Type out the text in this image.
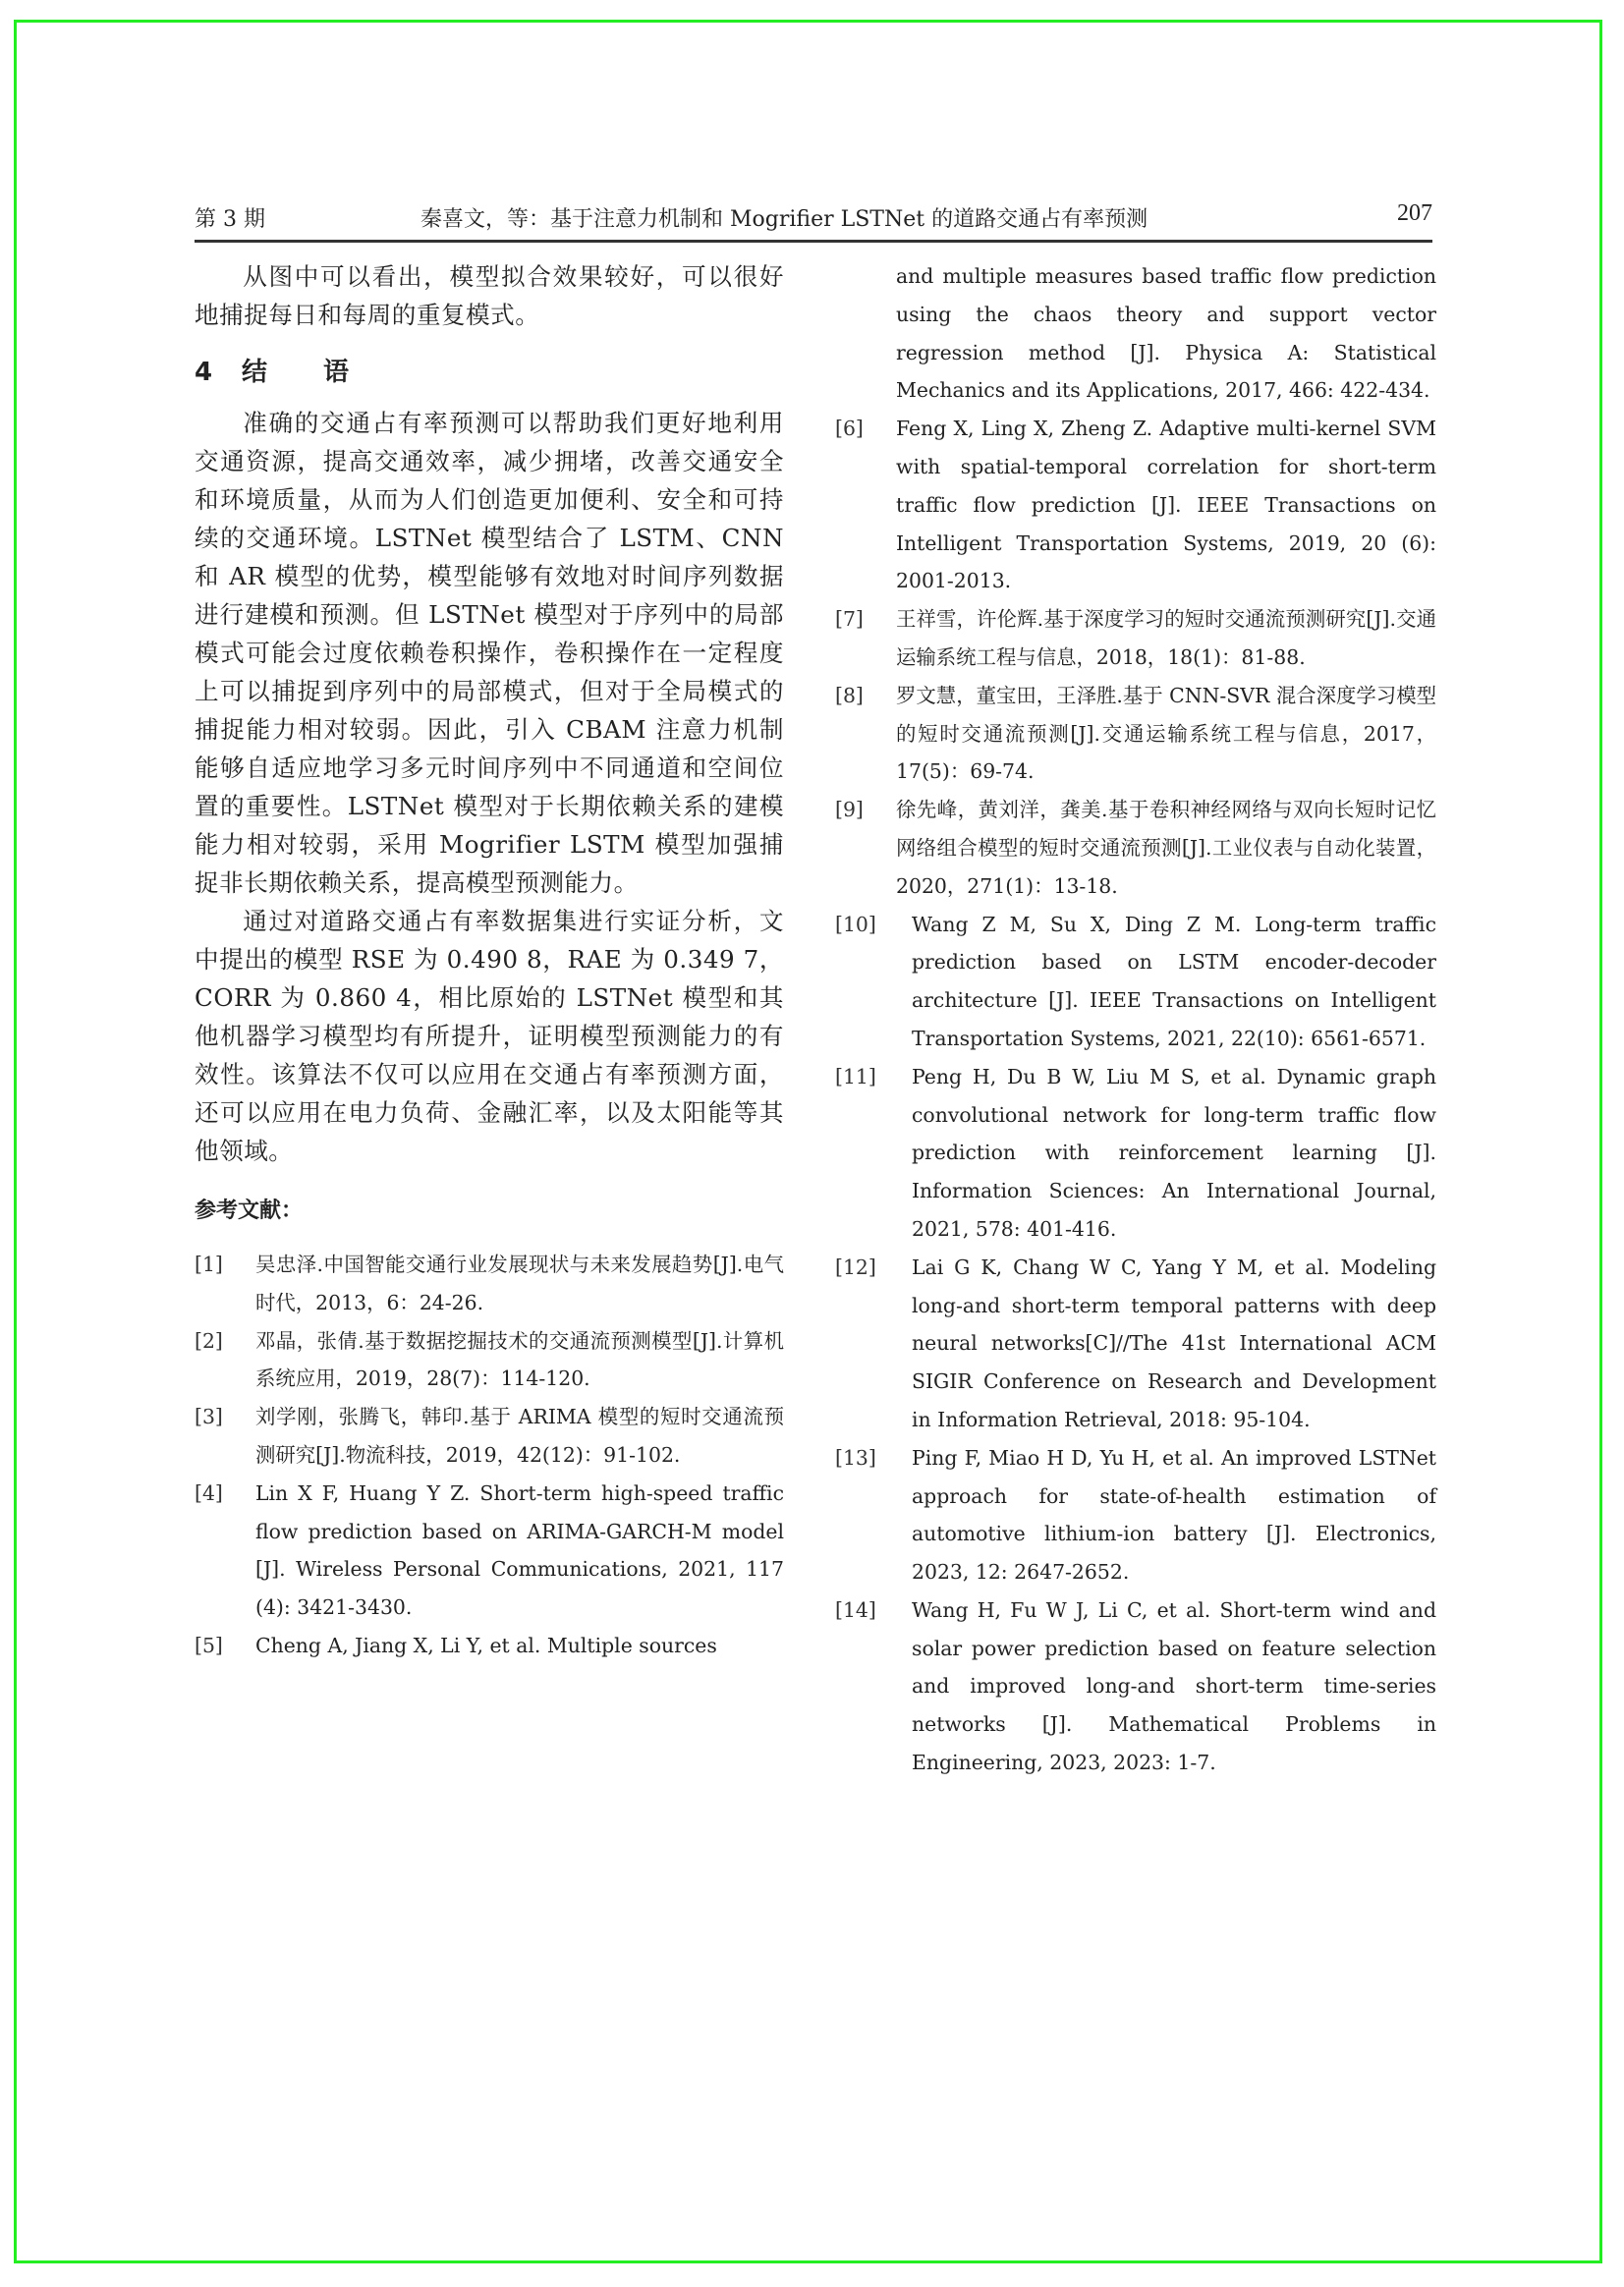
第 3 期	秦喜文，等：基于注意力机制和 Mogrifier LSTNet 的道路交通占有率预测	207

从图中可以看出，模型拟合效果较好，可以很好地捕捉每日和每周的重复模式。

4 结 语

准确的交通占有率预测可以帮助我们更好地利用交通资源，提高交通效率，减少拥堵，改善交通安全和环境质量，从而为人们创造更加便利、安全和可持续的交通环境。LSTNet 模型结合了 LSTM、CNN 和 AR 模型的优势，模型能够有效地对时间序列数据进行建模和预测。但 LSTNet 模型对于序列中的局部模式可能会过度依赖卷积操作，卷积操作在一定程度上可以捕捉到序列中的局部模式，但对于全局模式的捕捉能力相对较弱。因此，引入 CBAM 注意力机制能够自适应地学习多元时间序列中不同通道和空间位置的重要性。LSTNet 模型对于长期依赖关系的建模能力相对较弱，采用 Mogrifier LSTM 模型加强捕捉非长期依赖关系，提高模型预测能力。

通过对道路交通占有率数据集进行实证分析，文中提出的模型 RSE 为 0.490 8，RAE 为 0.349 7，CORR 为 0.860 4，相比原始的 LSTNet 模型和其他机器学习模型均有所提升，证明模型预测能力的有效性。该算法不仅可以应用在交通占有率预测方面，还可以应用在电力负荷、金融汇率，以及太阳能等其他领域。

参考文献：
[1] 吴忠泽.中国智能交通行业发展现状与未来发展趋势[J].电气时代，2013，6：24-26.
[2] 邓晶，张倩.基于数据挖掘技术的交通流预测模型[J].计算机系统应用，2019，28(7)：114-120.
[3] 刘学刚，张腾飞，韩印.基于 ARIMA 模型的短时交通流预测研究[J].物流科技，2019，42(12)：91-102.
[4] Lin X F, Huang Y Z. Short-term high-speed traffic flow prediction based on ARIMA-GARCH-M model [J]. Wireless Personal Communications, 2021, 117 (4): 3421-3430.
[5] Cheng A, Jiang X, Li Y, et al. Multiple sources
and multiple measures based traffic flow prediction using the chaos theory and support vector regression method [J]. Physica A: Statistical Mechanics and its Applications, 2017, 466: 422-434.
[6] Feng X, Ling X, Zheng Z. Adaptive multi-kernel SVM with spatial-temporal correlation for short-term traffic flow prediction [J]. IEEE Transactions on Intelligent Transportation Systems, 2019, 20 (6): 2001-2013.
[7] 王祥雪，许伦辉.基于深度学习的短时交通流预测研究[J].交通运输系统工程与信息，2018，18(1)：81-88.
[8] 罗文慧，董宝田，王泽胜.基于 CNN-SVR 混合深度学习模型的短时交通流预测[J].交通运输系统工程与信息，2017，17(5)：69-74.
[9] 徐先峰，黄刘洋，龚美.基于卷积神经网络与双向长短时记忆网络组合模型的短时交通流预测[J].工业仪表与自动化装置，2020，271(1)：13-18.
[10] Wang Z M, Su X, Ding Z M. Long-term traffic prediction based on LSTM encoder-decoder architecture [J]. IEEE Transactions on Intelligent Transportation Systems, 2021, 22(10): 6561-6571.
[11] Peng H, Du B W, Liu M S, et al. Dynamic graph convolutional network for long-term traffic flow prediction with reinforcement learning [J]. Information Sciences: An International Journal, 2021, 578: 401-416.
[12] Lai G K, Chang W C, Yang Y M, et al. Modeling long-and short-term temporal patterns with deep neural networks[C]//The 41st International ACM SIGIR Conference on Research and Development in Information Retrieval, 2018: 95-104.
[13] Ping F, Miao H D, Yu H, et al. An improved LSTNet approach for state-of-health estimation of automotive lithium-ion battery [J]. Electronics, 2023, 12: 2647-2652.
[14] Wang H, Fu W J, Li C, et al. Short-term wind and solar power prediction based on feature selection and improved long-and short-term time-series networks [J]. Mathematical Problems in Engineering, 2023, 2023: 1-7.
